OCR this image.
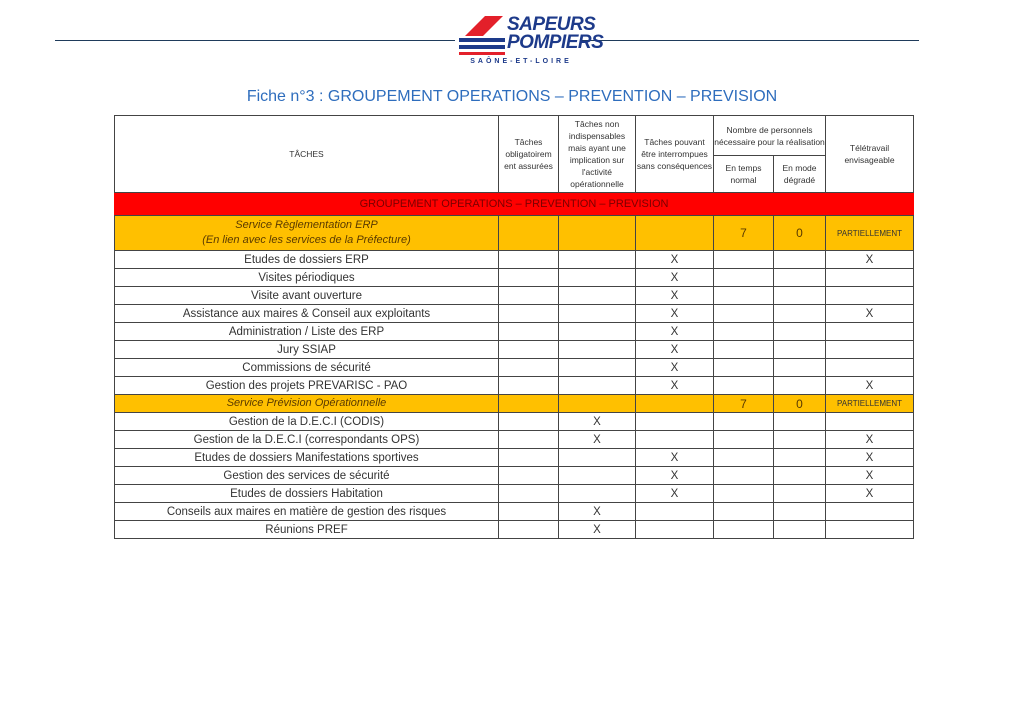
SAPEURS
POMPIERS
SAÔNE-ET-LOIRE
Fiche n°3 : GROUPEMENT OPERATIONS – PREVENTION – PREVISION
TÂCHES	Tâches obligatoirem ent assurées	Tâches non indispensables mais ayant une implication sur l'activité opérationnelle	Tâches pouvant être interrompues sans conséquences	Nombre de personnels nécessaire pour la réalisation		Télétravail envisageable
				En temps normal	En mode dégradé	
GROUPEMENT OPERATIONS – PREVENTION – PREVISION						

Service Règlementation ERP
(En lien avec les services de la Préfecture)				7	0	PARTIELLEMENT
Etudes de dossiers ERP			X			X
Visites périodiques			X			
Visite avant ouverture			X			
Assistance aux maires & Conseil aux exploitants			X			X
Administration / Liste des ERP			X			
Jury SSIAP			X			
Commissions de sécurité			X			
Gestion des projets PREVARISC - PAO			X			X
Service Prévision Opérationnelle				7	0	PARTIELLEMENT
Gestion de la D.E.C.I (CODIS)		X				
Gestion de la D.E.C.I (correspondants OPS)		X				X
Etudes de dossiers Manifestations sportives			X			X
Gestion des services de sécurité			X			X
Etudes de dossiers Habitation			X			X
Conseils aux maires en matière de gestion des risques		X				
Réunions PREF		X				
